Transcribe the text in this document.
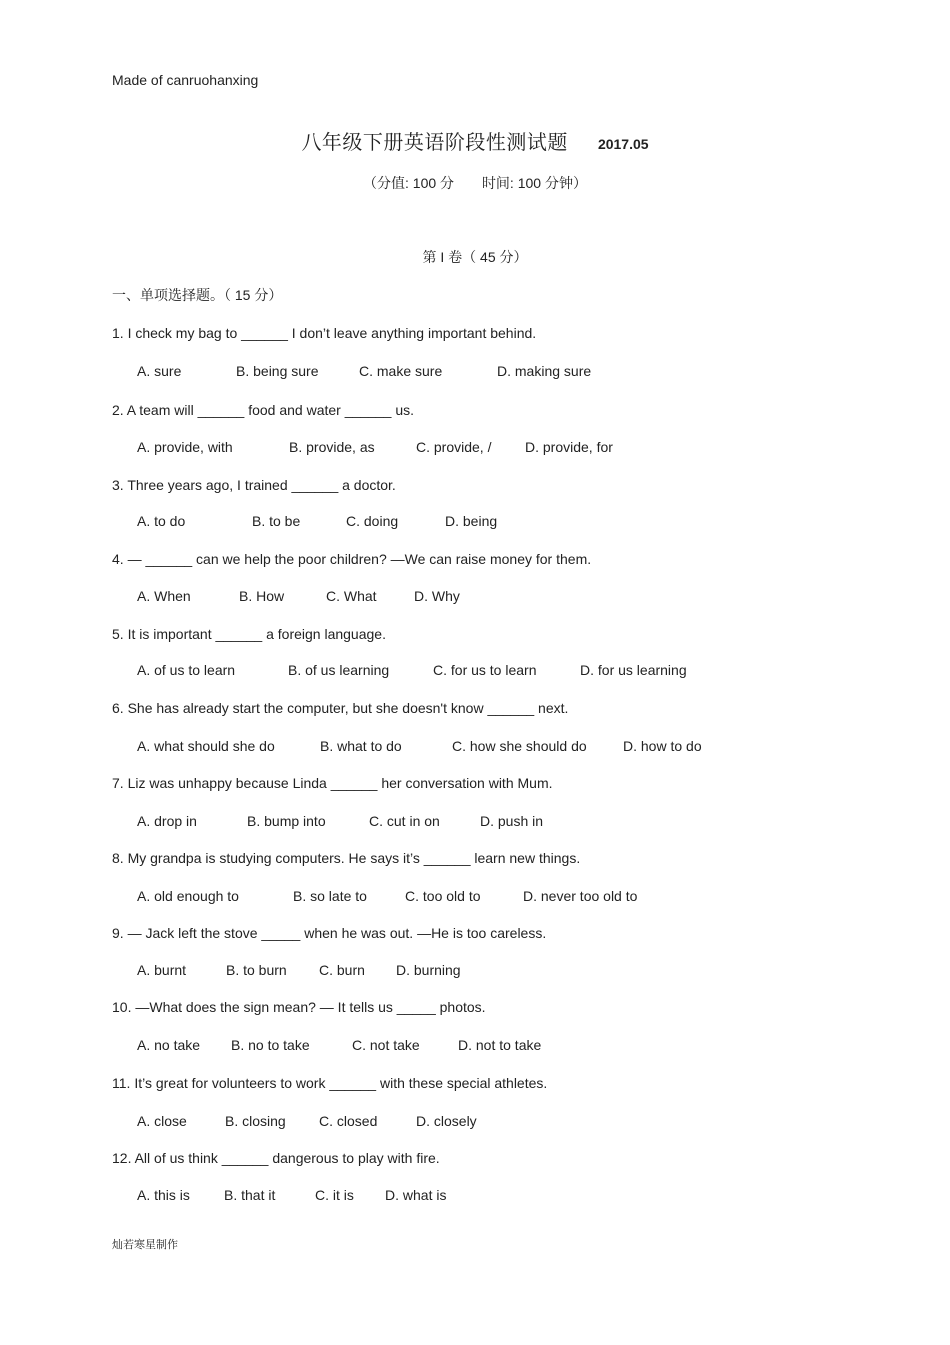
Made of canruohanxing
八年级下册英语阶段性测试题 2017.05
（分值: 100 分 时间: 100 分钟）
第 I 卷（ 45 分）
一、单项选择题。（ 15 分）
1. I check my bag to ______ I don’t leave anything important behind.
A. sure	B. being sure	C. make sure	D. making sure
2. A team will ______ food and water ______ us.
A. provide, with	B. provide, as	C. provide, /	D. provide, for
3. Three years ago, I trained ______ a doctor.
A. to do	B. to be	C. doing	D. being
4. — ______ can we help the poor children? —We can raise money for them.
A. When	B. How	C. What	D. Why
5. It is important ______ a foreign language.
A. of us to learn	B. of us learning	C. for us to learn	D. for us learning
6. She has already start the computer, but she doesn't know ______ next.
A. what should she do	B. what to do	C. how she should do	D. how to do
7. Liz was unhappy because Linda ______ her conversation with Mum.
A. drop in	B. bump into	C. cut in on	D. push in
8. My grandpa is studying computers. He says it’s ______ learn new things.
A. old enough to	B. so late to	C. too old to	D. never too old to
9. — Jack left the stove _____ when he was out. —He is too careless.
A. burnt	B. to burn	C. burn	D. burning
10. —What does the sign mean? — It tells us _____ photos.
A. no take	B. no to take	C. not take	D. not to take
11. It’s great for volunteers to work ______ with these special athletes.
A. close	B. closing	C. closed	D. closely
12. All of us think ______ dangerous to play with fire.
A. this is	B. that it	C. it is	D. what is
灿若寒星制作
